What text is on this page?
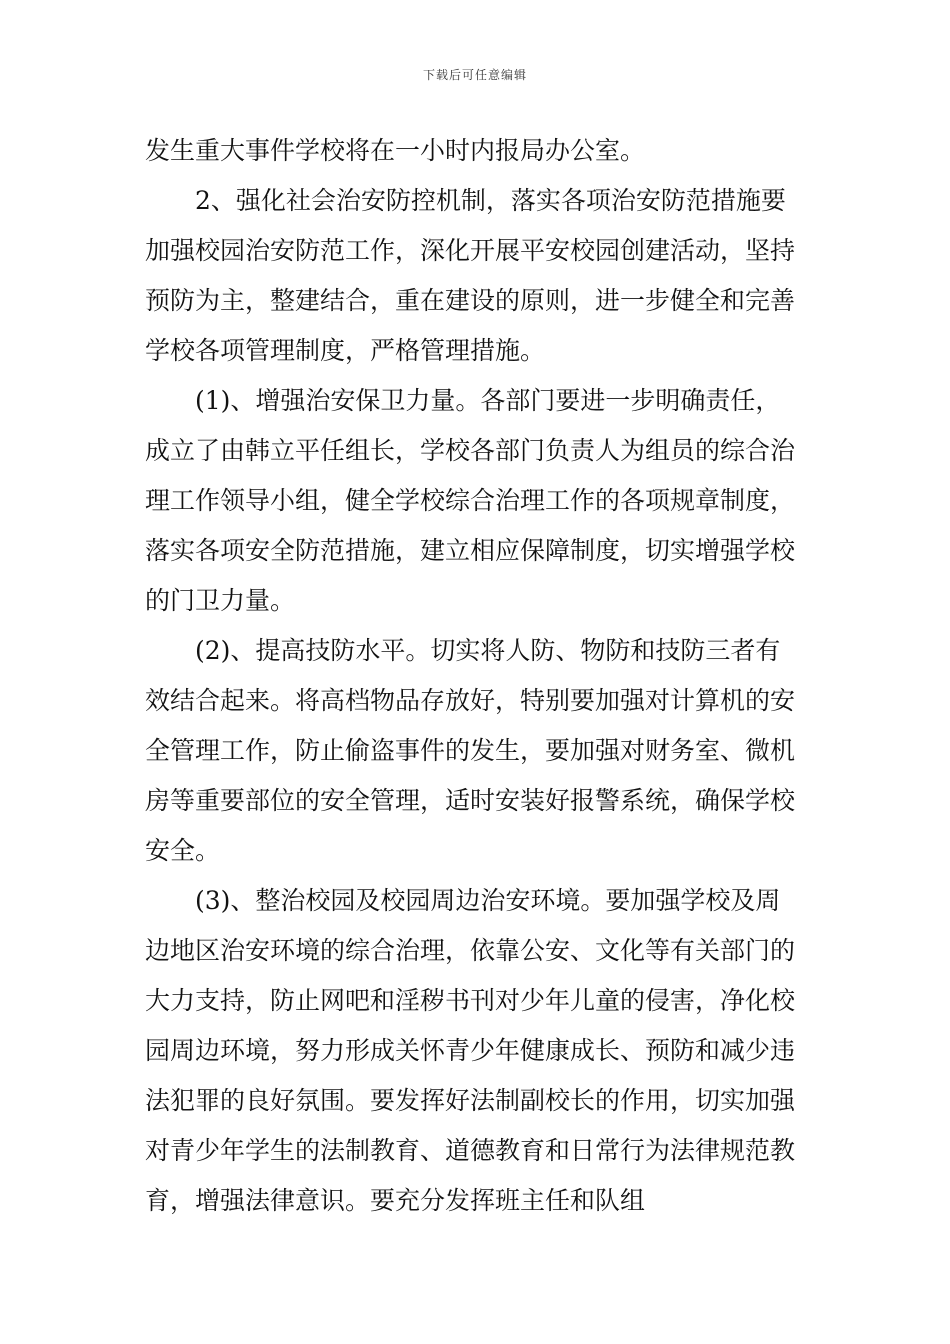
下载后可任意编辑

发生重大事件学校将在一小时内报局办公室。

2、强化社会治安防控机制，落实各项治安防范措施要加强校园治安防范工作，深化开展平安校园创建活动，坚持预防为主，整建结合，重在建设的原则，进一步健全和完善学校各项管理制度，严格管理措施。

(1)、增强治安保卫力量。各部门要进一步明确责任，成立了由韩立平任组长，学校各部门负责人为组员的综合治理工作领导小组，健全学校综合治理工作的各项规章制度，落实各项安全防范措施，建立相应保障制度，切实增强学校的门卫力量。

(2)、提高技防水平。切实将人防、物防和技防三者有效结合起来。将高档物品存放好，特别要加强对计算机的安全管理工作，防止偷盗事件的发生，要加强对财务室、微机房等重要部位的安全管理，适时安装好报警系统，确保学校安全。

(3)、整治校园及校园周边治安环境。要加强学校及周边地区治安环境的综合治理，依靠公安、文化等有关部门的大力支持，防止网吧和淫秽书刊对少年儿童的侵害，净化校园周边环境，努力形成关怀青少年健康成长、预防和减少违法犯罪的良好氛围。要发挥好法制副校长的作用，切实加强对青少年学生的法制教育、道德教育和日常行为法律规范教育，增强法律意识。要充分发挥班主任和队组
